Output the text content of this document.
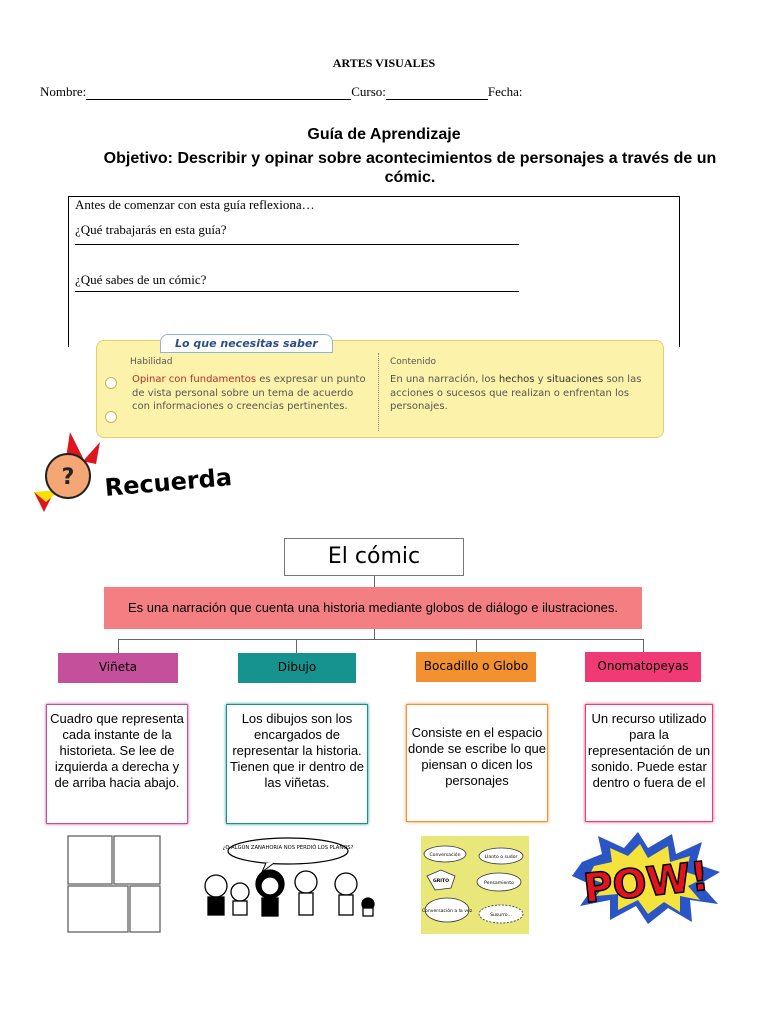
ARTES VISUALES
Nombre:	Curso:	Fecha:
Guía de Aprendizaje
Objetivo: Describir y opinar sobre acontecimientos de personajes a través de un cómic.
Antes de comenzar con esta guía reflexiona…
¿Qué trabajarás en esta guía?
¿Qué sabes de un cómic?
Habilidad
Opinar con fundamentos es expresar un punto de vista personal sobre un tema de acuerdo con informaciones o creencias pertinentes.
Contenido
En una narración, los hechos y situaciones son las acciones o sucesos que realizan o enfrentan los personajes.
Lo que necesitas saber
? Recuerda
El cómic
Es una narración que cuenta una historia mediante globos de diálogo e ilustraciones.
Viñeta	Dibujo	Bocadillo o Globo	Onomatopeyas
Cuadro que representa cada instante de la historieta. Se lee de izquierda a derecha y de arriba hacia abajo.
Los dibujos son los encargados de representar la historia. Tienen que ir dentro de las viñetas.
Consiste en el espacio donde se escribe lo que piensan o dicen los personajes
Un recurso utilizado para la representación de un sonido. Puede estar dentro o fuera de el
¿O ALGÚN ZANAHORIA NOS PERDIÓ LOS PLANOS?
Conversación	Llanto o sudor
GRITO	Pensamiento
Conversación a la vez
Susurro...
POW!
